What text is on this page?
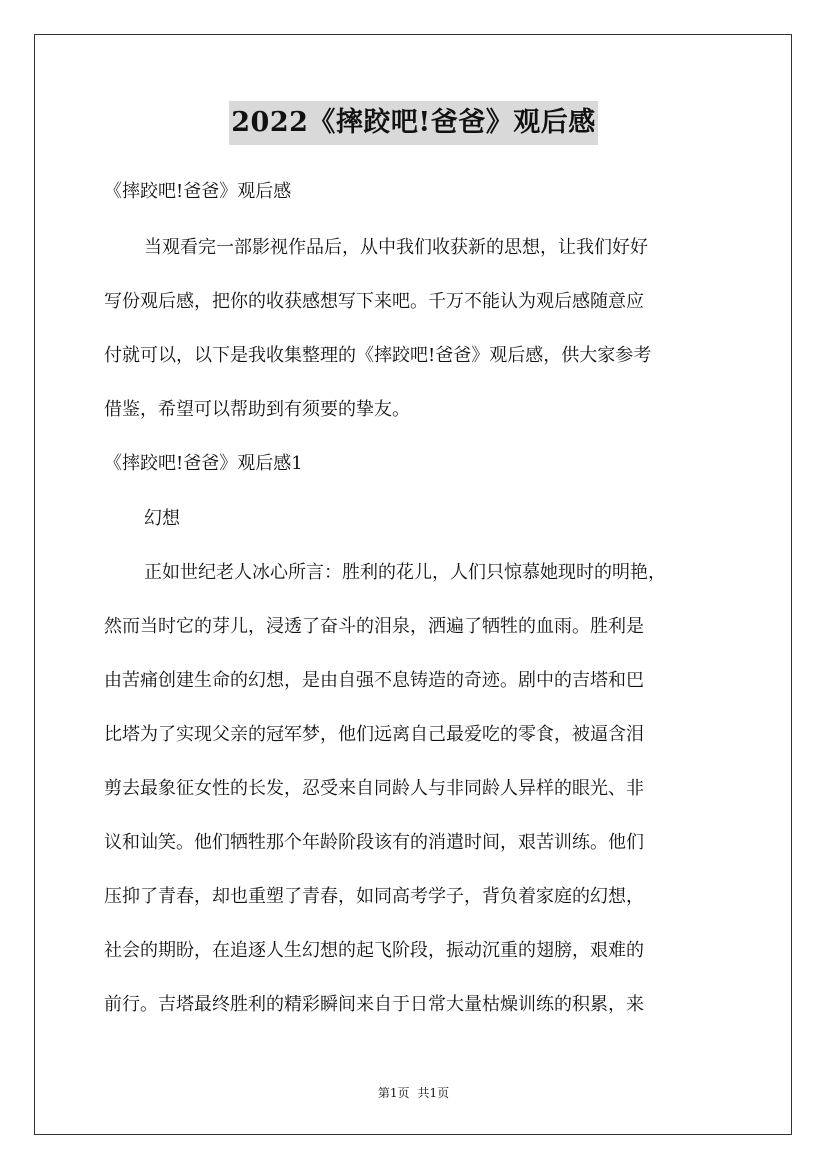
2022《摔跤吧!爸爸》观后感
《摔跤吧!爸爸》观后感
当观看完一部影视作品后，从中我们收获新的思想，让我们好好
写份观后感，把你的收获感想写下来吧。千万不能认为观后感随意应
付就可以，以下是我收集整理的《摔跤吧!爸爸》观后感，供大家参考
借鉴，希望可以帮助到有须要的挚友。
《摔跤吧!爸爸》观后感1
幻想
正如世纪老人冰心所言：胜利的花儿，人们只惊慕她现时的明艳，
然而当时它的芽儿，浸透了奋斗的泪泉，洒遍了牺牲的血雨。胜利是
由苦痛创建生命的幻想，是由自强不息铸造的奇迹。剧中的吉塔和巴
比塔为了实现父亲的冠军梦，他们远离自己最爱吃的零食，被逼含泪
剪去最象征女性的长发，忍受来自同龄人与非同龄人异样的眼光、非
议和讪笑。他们牺牲那个年龄阶段该有的消遣时间，艰苦训练。他们
压抑了青春，却也重塑了青春，如同高考学子，背负着家庭的幻想，
社会的期盼，在追逐人生幻想的起飞阶段，振动沉重的翅膀，艰难的
前行。吉塔最终胜利的精彩瞬间来自于日常大量枯燥训练的积累，来
第1页 共1页
